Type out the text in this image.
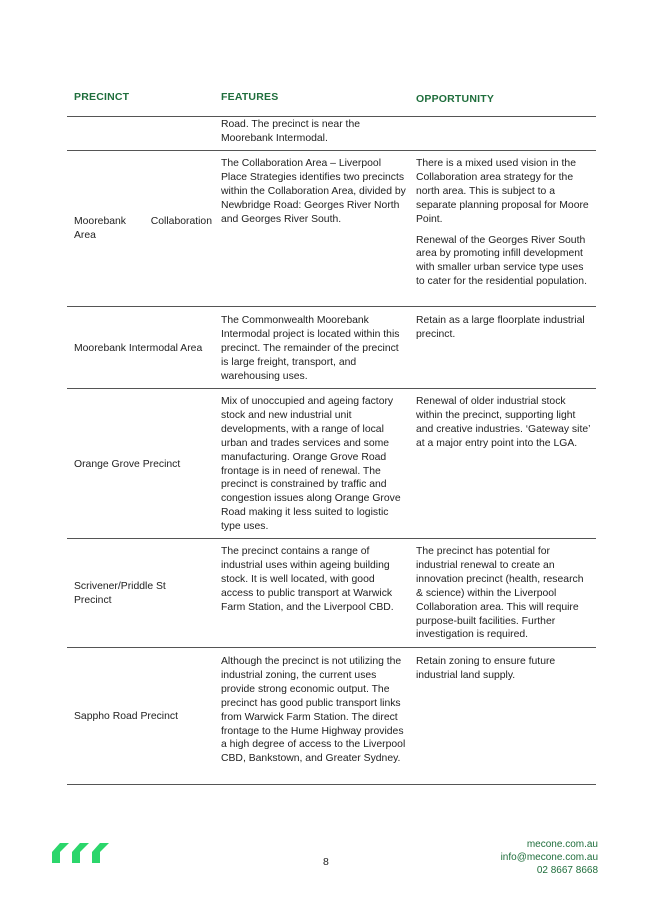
PRECINCT	FEATURES	OPPORTUNITY
Road. The precinct is near the Moorebank Intermodal.
Moorebank Collaboration Area
The Collaboration Area – Liverpool Place Strategies identifies two precincts within the Collaboration Area, divided by Newbridge Road: Georges River North and Georges River South.

There is a mixed used vision in the Collaboration area strategy for the north area. This is subject to a separate planning proposal for Moore Point.

Renewal of the Georges River South area by promoting infill development with smaller urban service type uses to cater for the residential population.

Moorebank Intermodal Area
The Commonwealth Moorebank Intermodal project is located within this precinct. The remainder of the precinct is large freight, transport, and warehousing uses.
Retain as a large floorplate industrial precinct.
Orange Grove Precinct
Mix of unoccupied and ageing factory stock and new industrial unit developments, with a range of local urban and trades services and some manufacturing. Orange Grove Road frontage is in need of renewal. The precinct is constrained by traffic and congestion issues along Orange Grove Road making it less suited to logistic type uses.
Renewal of older industrial stock within the precinct, supporting light and creative industries. ‘Gateway site’ at a major entry point into the LGA.
Scrivener/Priddle St Precinct
The precinct contains a range of industrial uses within ageing building stock. It is well located, with good access to public transport at Warwick Farm Station, and the Liverpool CBD.
The precinct has potential for industrial renewal to create an innovation precinct (health, research & science) within the Liverpool Collaboration area. This will require purpose-built facilities. Further investigation is required.
Sappho Road Precinct
Although the precinct is not utilizing the industrial zoning, the current uses provide strong economic output. The precinct has good public transport links from Warwick Farm Station. The direct frontage to the Hume Highway provides a high degree of access to the Liverpool CBD, Bankstown, and Greater Sydney.
Retain zoning to ensure future industrial land supply.
8
mecone.com.au
info@mecone.com.au
02 8667 8668
